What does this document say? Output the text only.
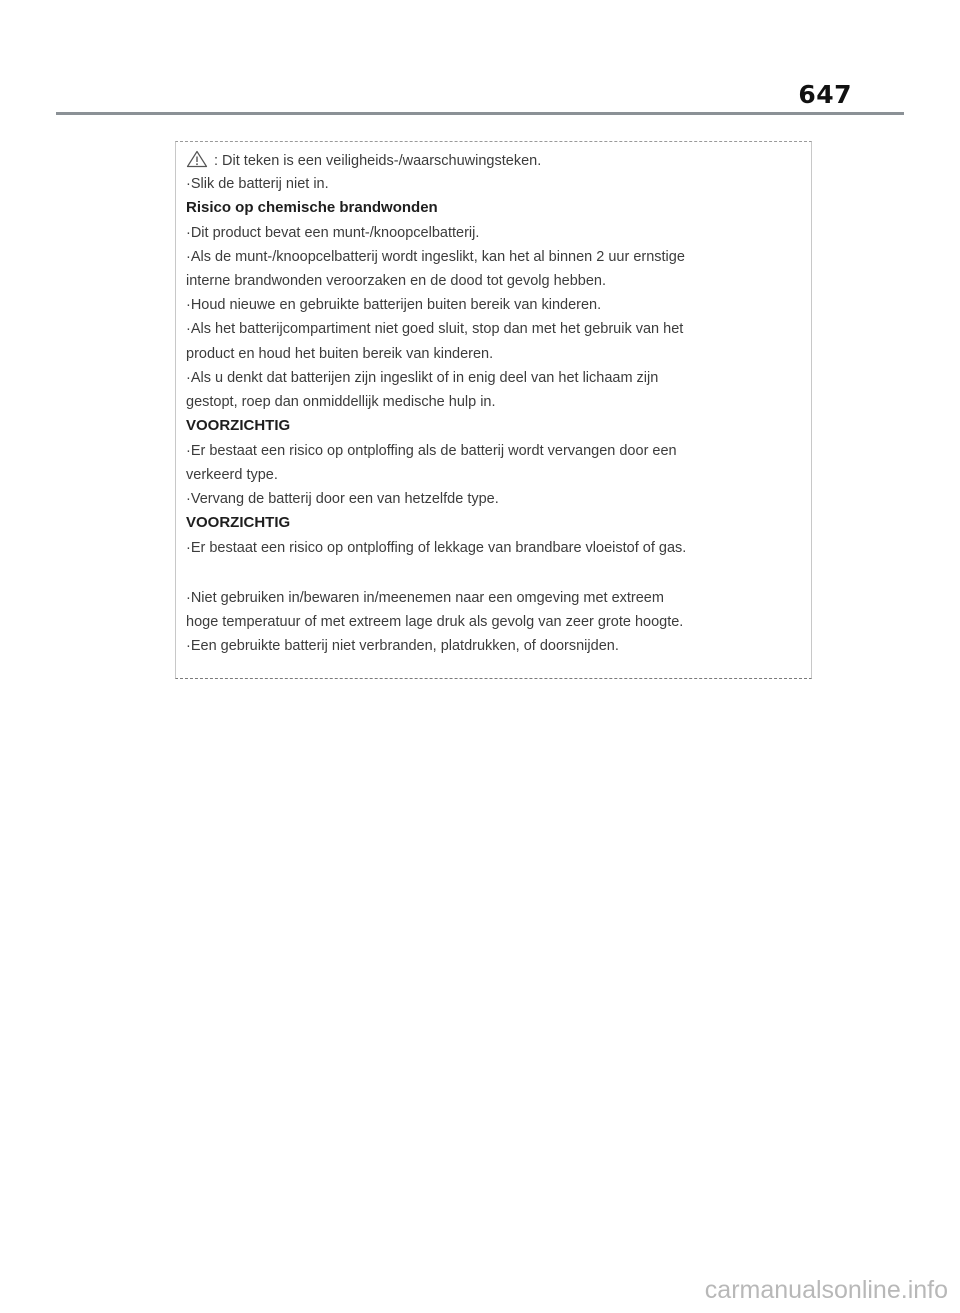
647
: Dit teken is een veiligheids-/waarschuwingsteken.
·Slik de batterij niet in.
Risico op chemische brandwonden
·Dit product bevat een munt-/knoopcelbatterij.
·Als de munt-/knoopcelbatterij wordt ingeslikt, kan het al binnen 2 uur ernstige
interne brandwonden veroorzaken en de dood tot gevolg hebben.
·Houd nieuwe en gebruikte batterijen buiten bereik van kinderen.
·Als het batterijcompartiment niet goed sluit, stop dan met het gebruik van het
product en houd het buiten bereik van kinderen.
·Als u denkt dat batterijen zijn ingeslikt of in enig deel van het lichaam zijn
gestopt, roep dan onmiddellijk medische hulp in.
VOORZICHTIG
·Er bestaat een risico op ontploffing als de batterij wordt vervangen door een
verkeerd type.
·Vervang de batterij door een van hetzelfde type.
VOORZICHTIG
·Er bestaat een risico op ontploffing of lekkage van brandbare vloeistof of gas.
·Niet gebruiken in/bewaren in/meenemen naar een omgeving met extreem
hoge temperatuur of met extreem lage druk als gevolg van zeer grote hoogte.
·Een gebruikte batterij niet verbranden, platdrukken, of doorsnijden.
carmanualsonline.info
